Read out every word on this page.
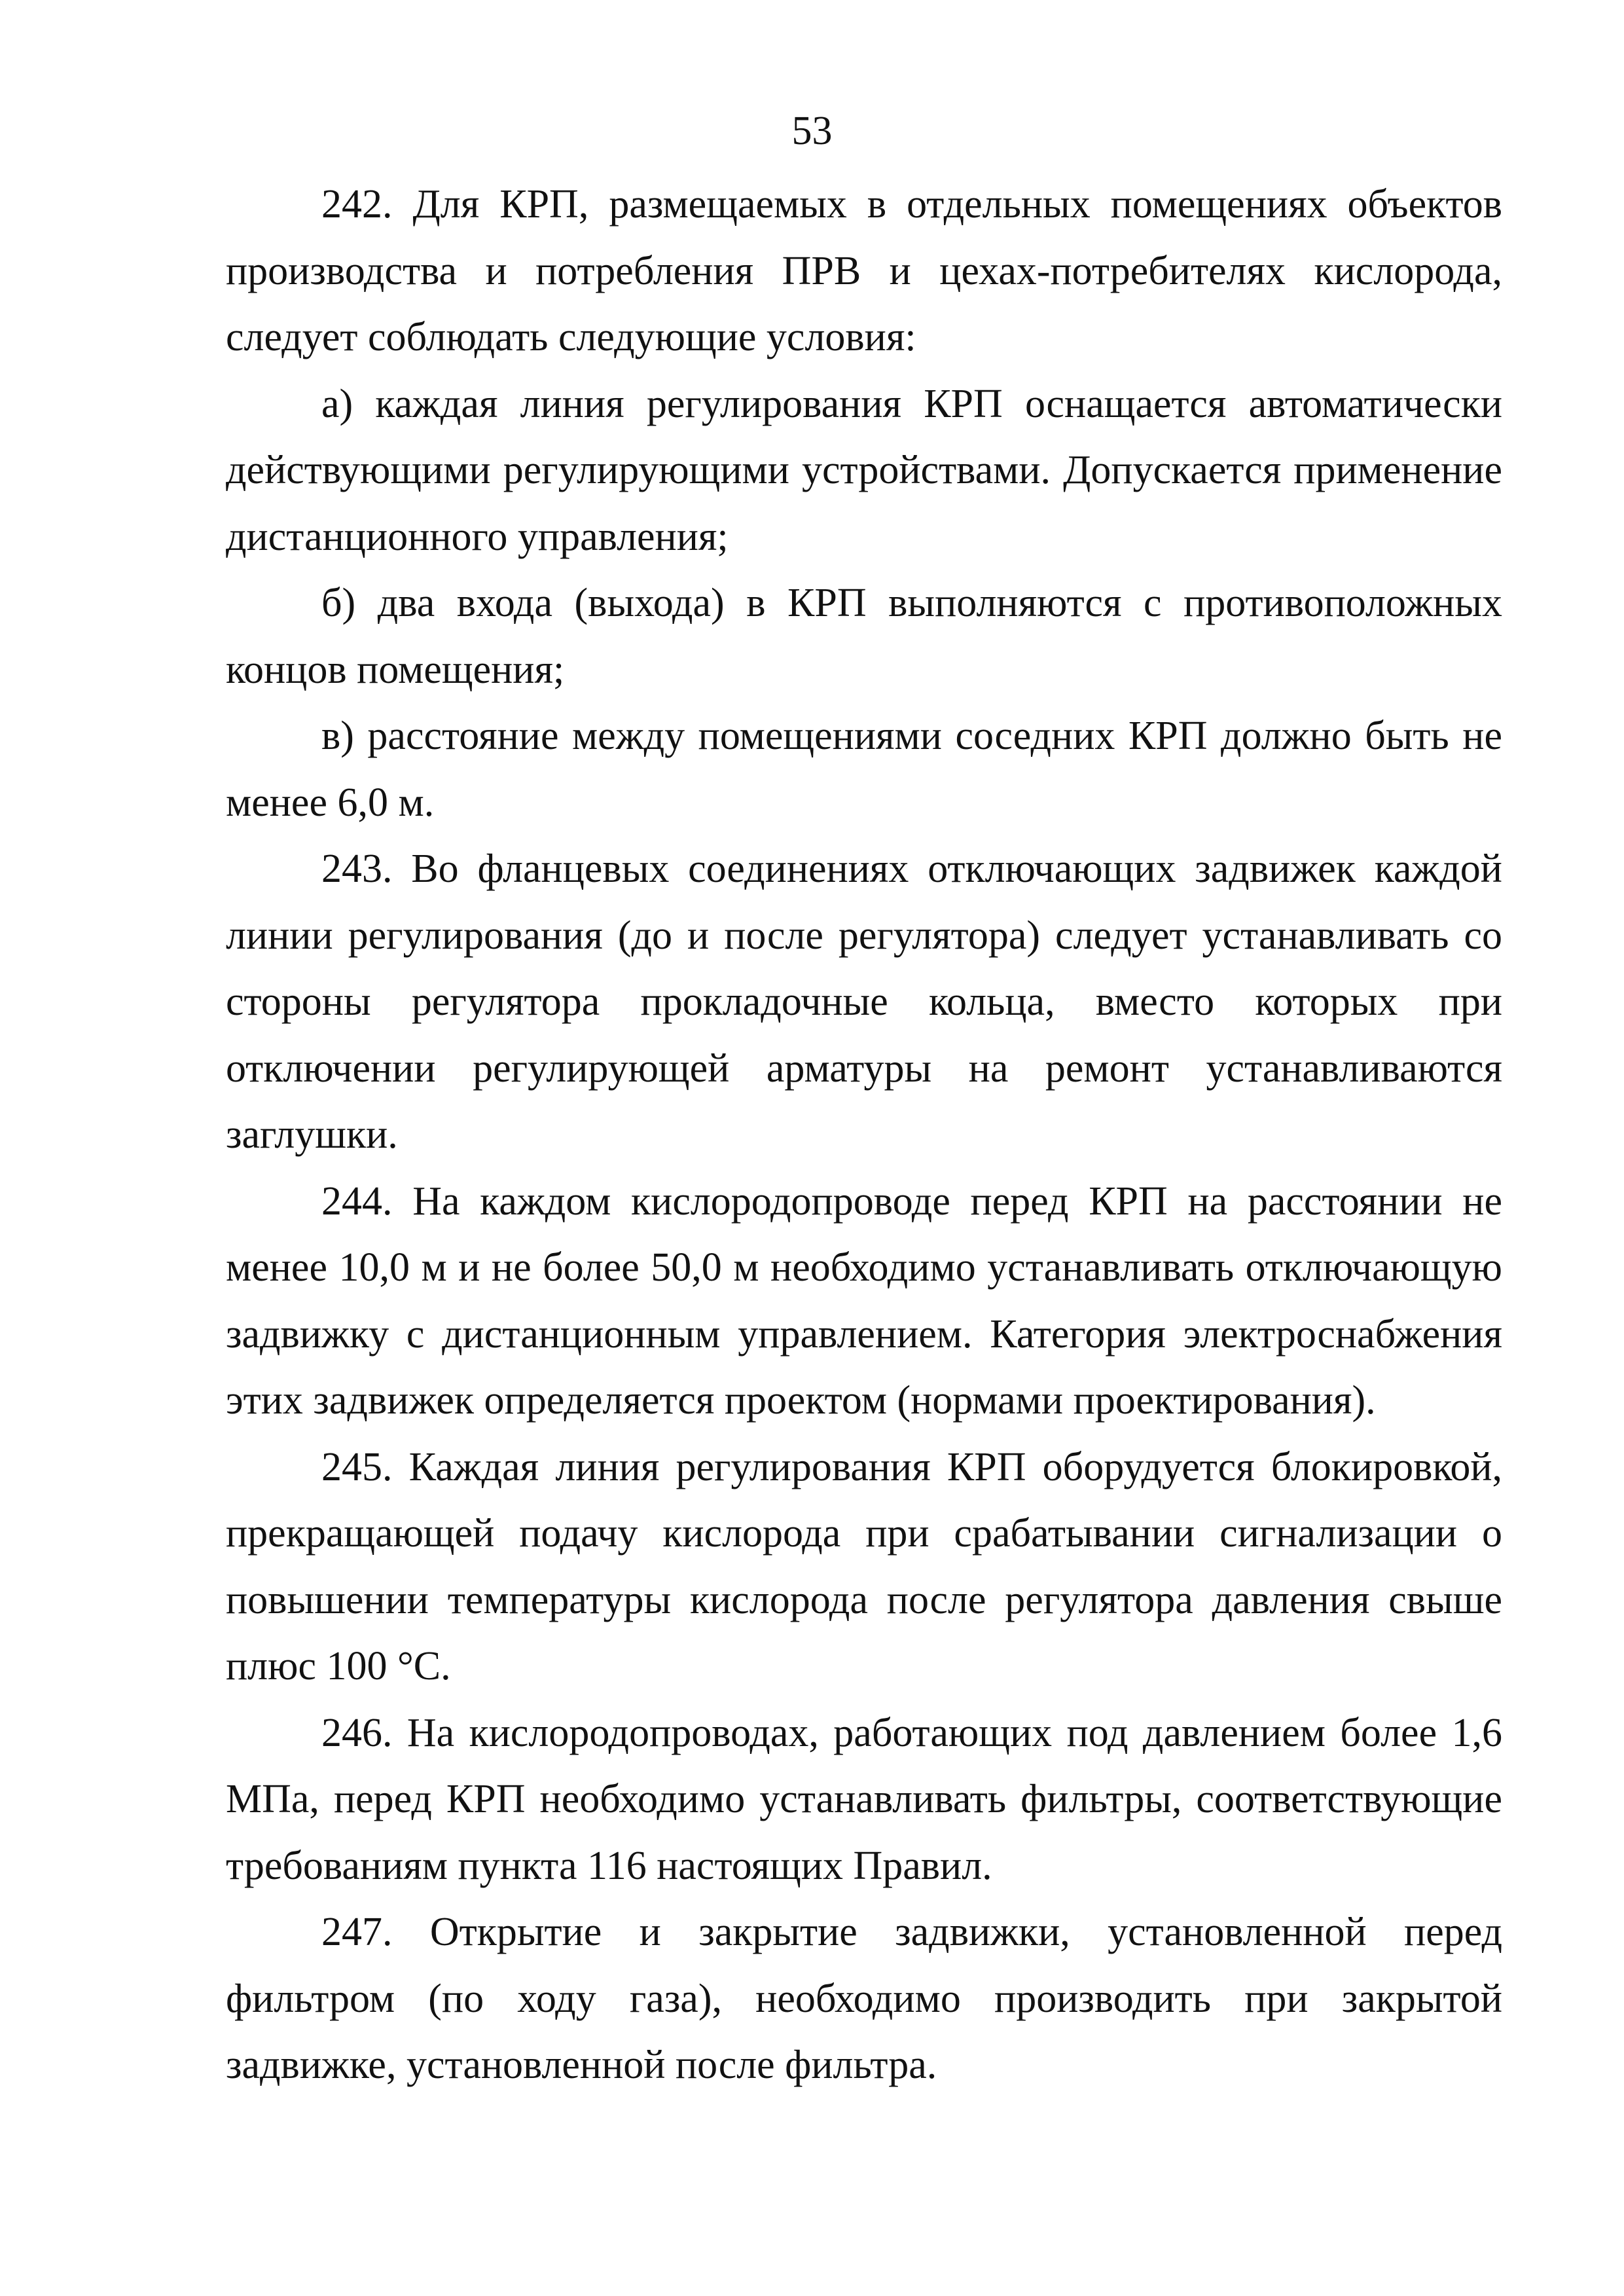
53

242. Для КРП, размещаемых в отдельных помещениях объектов производства и потребления ПРВ и цехах-потребителях кислорода, следует соблюдать следующие условия:

а) каждая линия регулирования КРП оснащается автоматически действующими регулирующими устройствами. Допускается применение дистанционного управления;

б) два входа (выхода) в КРП выполняются с противоположных концов помещения;

в) расстояние между помещениями соседних КРП должно быть не менее 6,0 м.

243. Во фланцевых соединениях отключающих задвижек каждой линии регулирования (до и после регулятора) следует устанавливать со стороны регулятора прокладочные кольца, вместо которых при отключении регулирующей арматуры на ремонт устанавливаются заглушки.

244. На каждом кислородопроводе перед КРП на расстоянии не менее 10,0 м и не более 50,0 м необходимо устанавливать отключающую задвижку с дистанционным управлением. Категория электроснабжения этих задвижек определяется проектом (нормами проектирования).

245. Каждая линия регулирования КРП оборудуется блокировкой, прекращающей подачу кислорода при срабатывании сигнализации о повышении температуры кислорода после регулятора давления свыше плюс 100 °С.

246. На кислородопроводах, работающих под давлением более 1,6 МПа, перед КРП необходимо устанавливать фильтры, соответствующие требованиям пункта 116 настоящих Правил.

247. Открытие и закрытие задвижки, установленной перед фильтром (по ходу газа), необходимо производить при закрытой задвижке, установленной после фильтра.
